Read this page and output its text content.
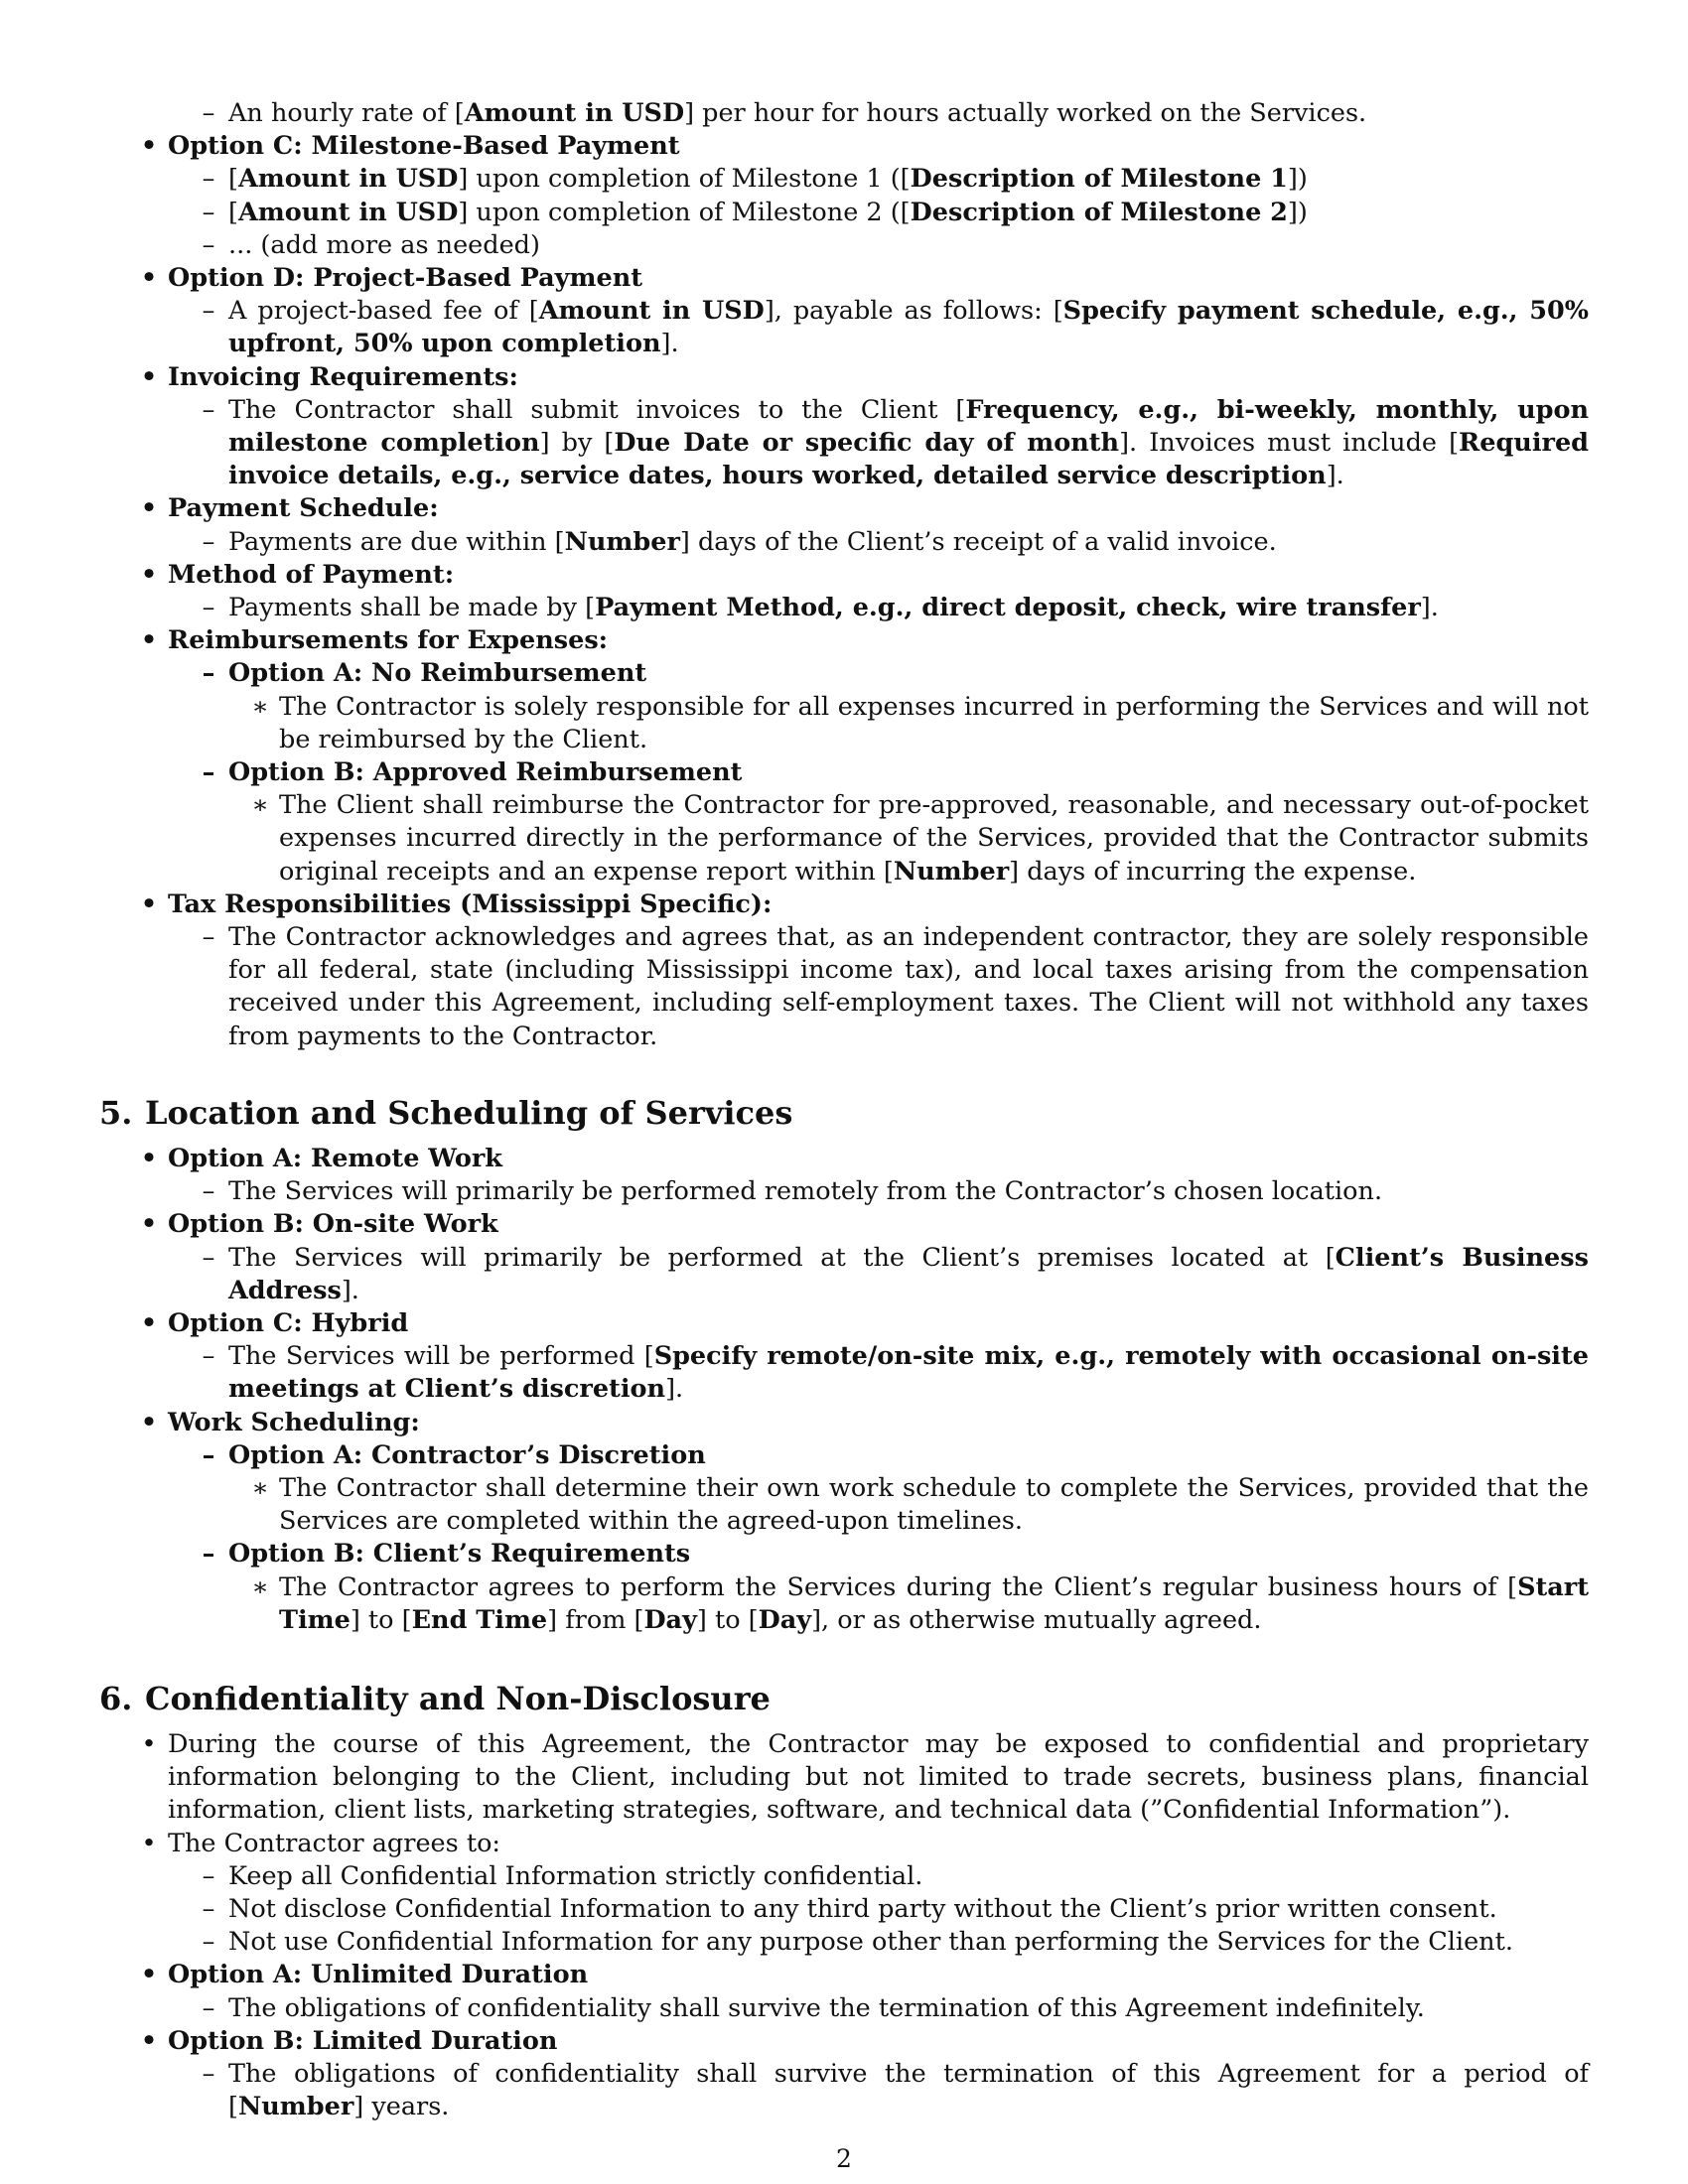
– An hourly rate of [Amount in USD] per hour for hours actually worked on the Services.
• Option C: Milestone-Based Payment
– [Amount in USD] upon completion of Milestone 1 ([Description of Milestone 1])
– [Amount in USD] upon completion of Milestone 2 ([Description of Milestone 2])
– ... (add more as needed)
• Option D: Project-Based Payment
– A project-based fee of [Amount in USD], payable as follows: [Specify payment schedule, e.g., 50% upfront, 50% upon completion].
• Invoicing Requirements:
– The Contractor shall submit invoices to the Client [Frequency, e.g., bi-weekly, monthly, upon milestone completion] by [Due Date or specific day of month]. Invoices must include [Required invoice details, e.g., service dates, hours worked, detailed service description].
• Payment Schedule:
– Payments are due within [Number] days of the Client’s receipt of a valid invoice.
• Method of Payment:
– Payments shall be made by [Payment Method, e.g., direct deposit, check, wire transfer].
• Reimbursements for Expenses:
– Option A: No Reimbursement
∗ The Contractor is solely responsible for all expenses incurred in performing the Services and will not be reimbursed by the Client.
– Option B: Approved Reimbursement
∗ The Client shall reimburse the Contractor for pre-approved, reasonable, and necessary out-of-pocket expenses incurred directly in the performance of the Services, provided that the Contractor submits original receipts and an expense report within [Number] days of incurring the expense.
• Tax Responsibilities (Mississippi Specific):
– The Contractor acknowledges and agrees that, as an independent contractor, they are solely responsible for all federal, state (including Mississippi income tax), and local taxes arising from the compensation received under this Agreement, including self-employment taxes. The Client will not withhold any taxes from payments to the Contractor.
5. Location and Scheduling of Services
• Option A: Remote Work
– The Services will primarily be performed remotely from the Contractor’s chosen location.
• Option B: On-site Work
– The Services will primarily be performed at the Client’s premises located at [Client’s Business Address].
• Option C: Hybrid
– The Services will be performed [Specify remote/on-site mix, e.g., remotely with occasional on-site meetings at Client’s discretion].
• Work Scheduling:
– Option A: Contractor’s Discretion
∗ The Contractor shall determine their own work schedule to complete the Services, provided that the Services are completed within the agreed-upon timelines.
– Option B: Client’s Requirements
∗ The Contractor agrees to perform the Services during the Client’s regular business hours of [Start Time] to [End Time] from [Day] to [Day], or as otherwise mutually agreed.
6. Confidentiality and Non-Disclosure
• During the course of this Agreement, the Contractor may be exposed to confidential and proprietary information belonging to the Client, including but not limited to trade secrets, business plans, financial information, client lists, marketing strategies, software, and technical data (”Confidential Information”).
• The Contractor agrees to:
– Keep all Confidential Information strictly confidential.
– Not disclose Confidential Information to any third party without the Client’s prior written consent.
– Not use Confidential Information for any purpose other than performing the Services for the Client.
• Option A: Unlimited Duration
– The obligations of confidentiality shall survive the termination of this Agreement indefinitely.
• Option B: Limited Duration
– The obligations of confidentiality shall survive the termination of this Agreement for a period of [Number] years.
2
